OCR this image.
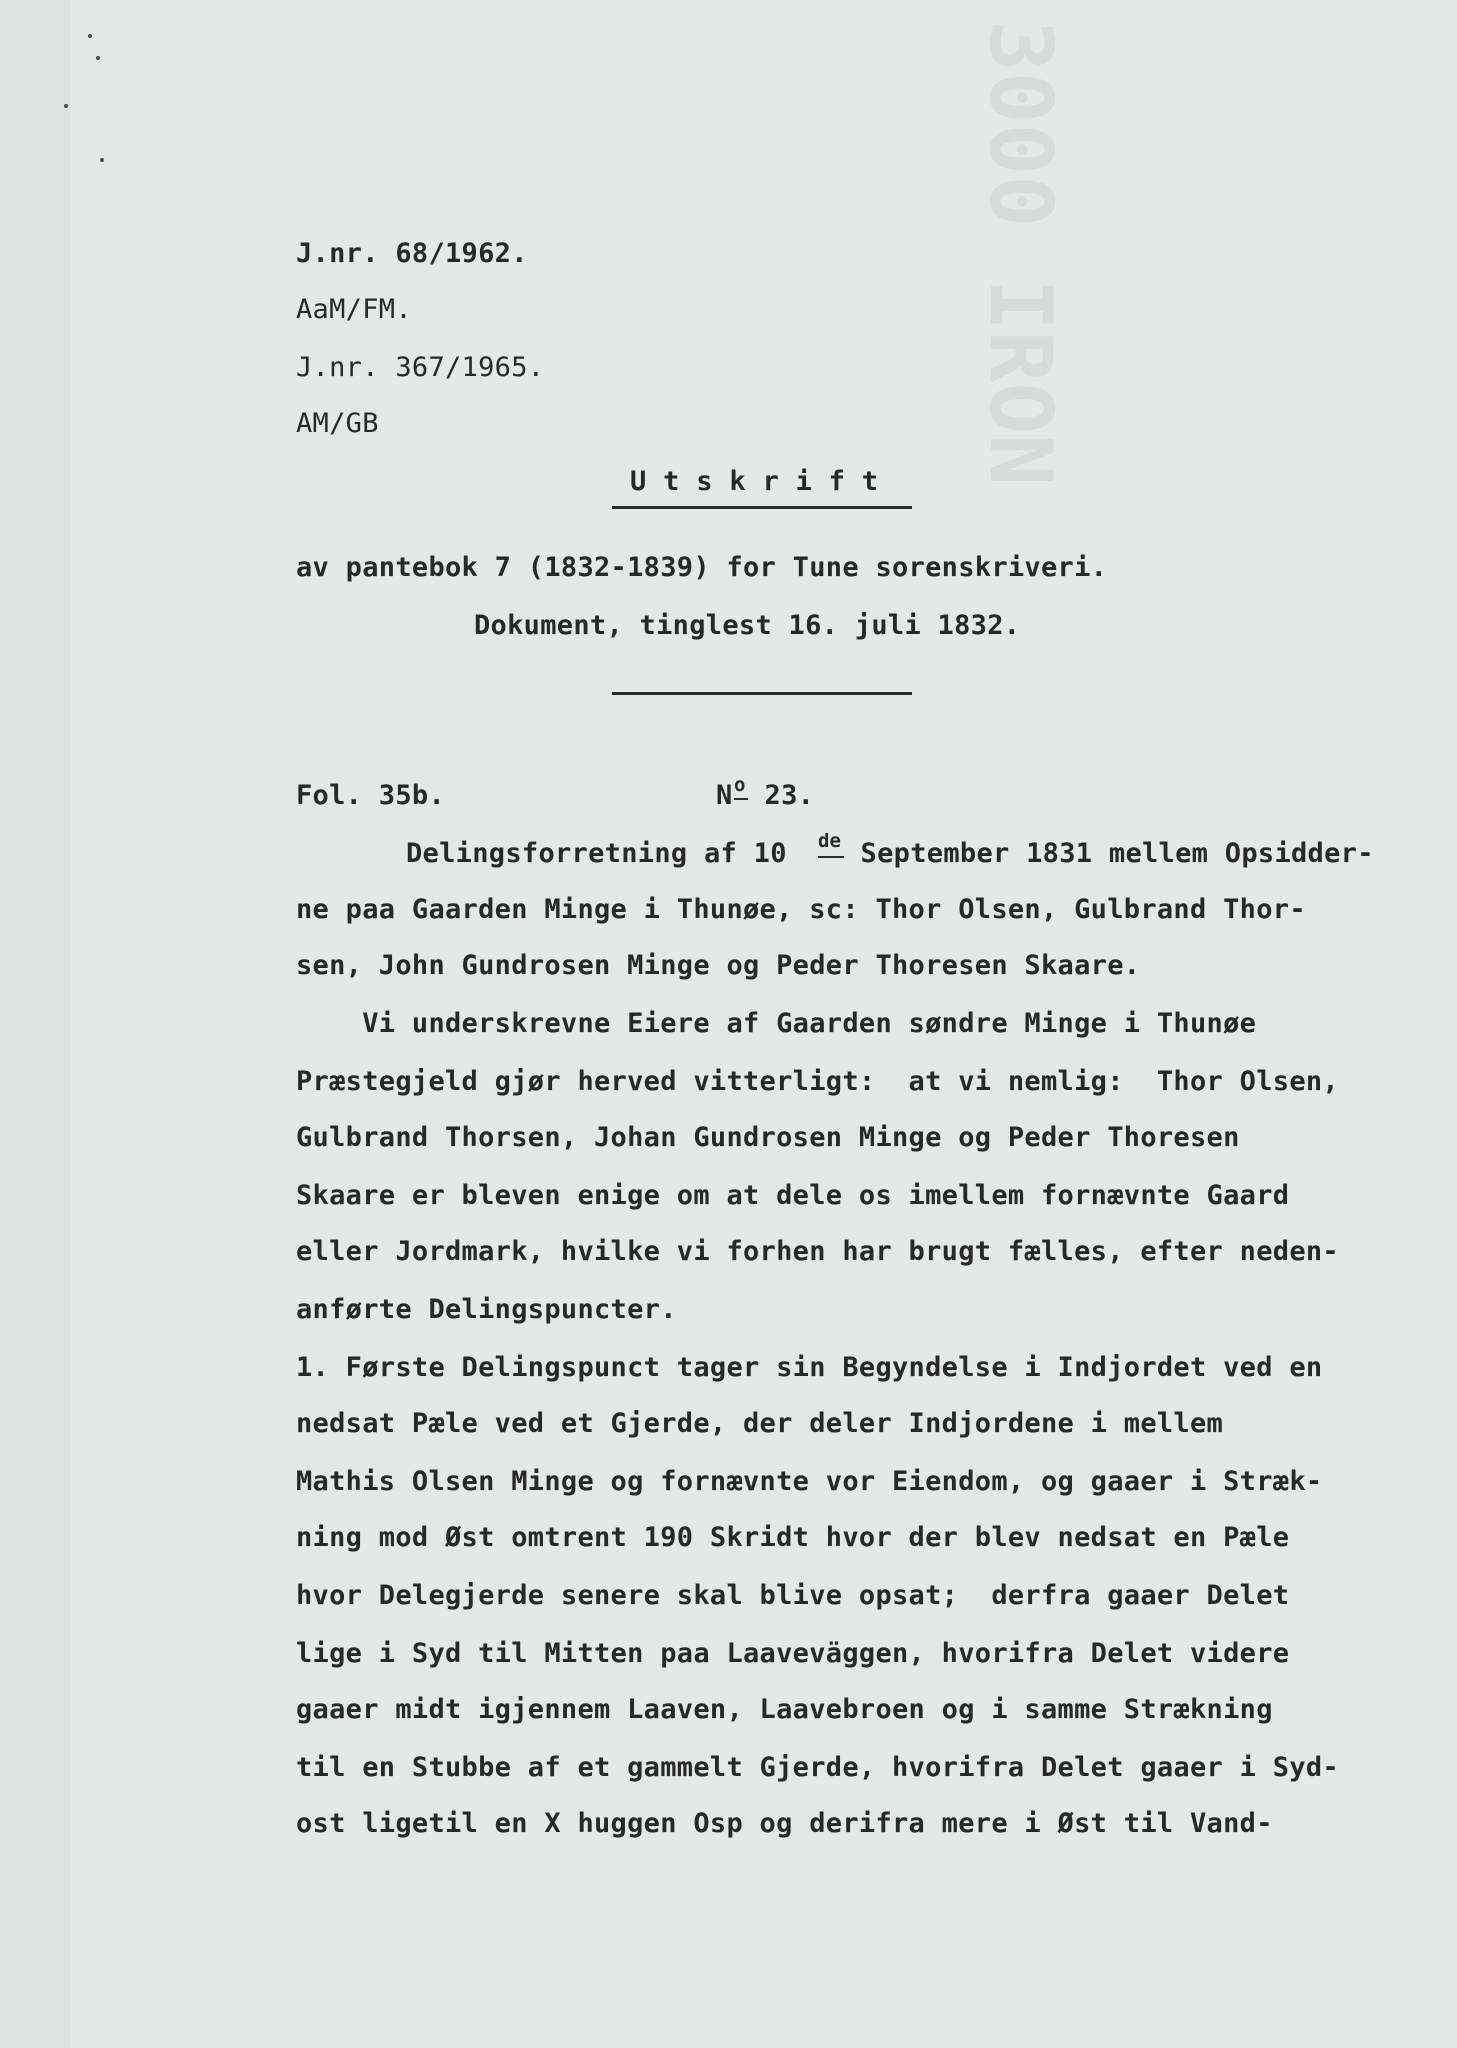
3000 IRON
J.nr. 68/1962.
AaM/FM.
J.nr. 367/1965.
AM/GB
U t s k r i f t
av pantebok 7 (1832-1839) for Tune sorenskriveri.
Dokument, tinglest 16. juli 1832.
Fol. 35b.	N o 23.
Delingsforretning af 10 de September 1831 mellem Opsidder-
ne paa Gaarden Minge i Thunøe, sc: Thor Olsen, Gulbrand Thor-
sen, John Gundrosen Minge og Peder Thoresen Skaare.
Vi underskrevne Eiere af Gaarden søndre Minge i Thunøe
Præstegjeld gjør herved vitterligt:  at vi nemlig:  Thor Olsen,
Gulbrand Thorsen, Johan Gundrosen Minge og Peder Thoresen
Skaare er bleven enige om at dele os imellem fornævnte Gaard
eller Jordmark, hvilke vi forhen har brugt fælles, efter neden-
anførte Delingspuncter.
1. Første Delingspunct tager sin Begyndelse i Indjordet ved en
nedsat Pæle ved et Gjerde, der deler Indjordene i mellem
Mathis Olsen Minge og fornævnte vor Eiendom, og gaaer i Stræk-
ning mod Øst omtrent 190 Skridt hvor der blev nedsat en Pæle
hvor Delegjerde senere skal blive opsat;  derfra gaaer Delet
lige i Syd til Mitten paa Laaveväggen, hvorifra Delet videre
gaaer midt igjennem Laaven, Laavebroen og i samme Strækning
til en Stubbe af et gammelt Gjerde, hvorifra Delet gaaer i Syd-
ost ligetil en X huggen Osp og derifra mere i Øst til Vand-
